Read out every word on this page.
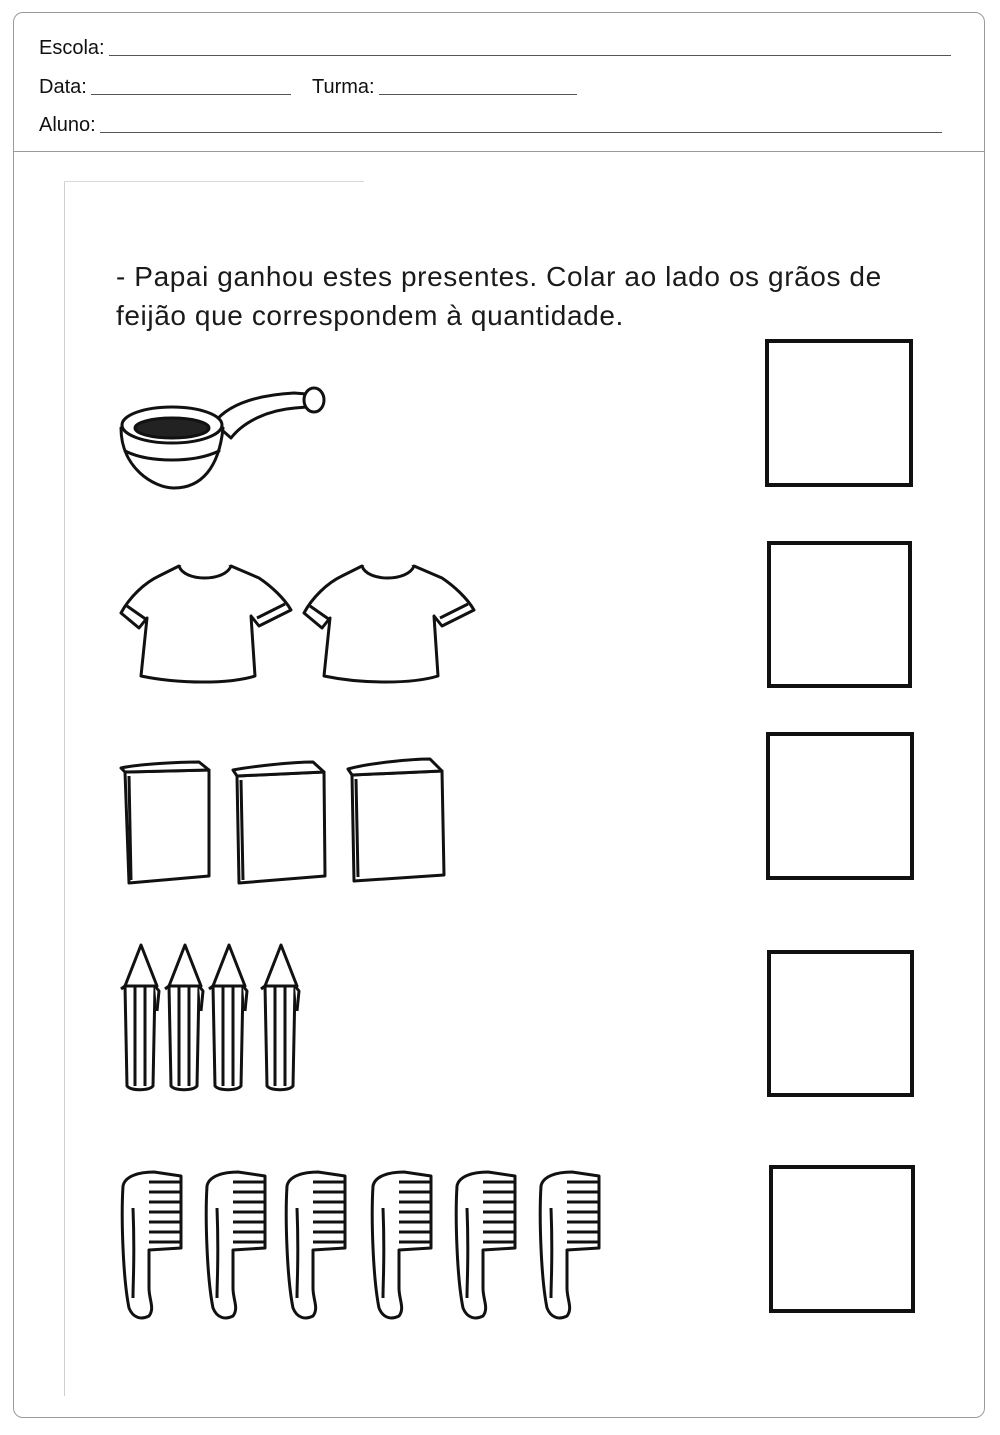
Escola:
Data:	Turma:
Aluno:

- Papai ganhou estes presentes. Colar ao lado os grãos de feijão que correspondem à quantidade.
